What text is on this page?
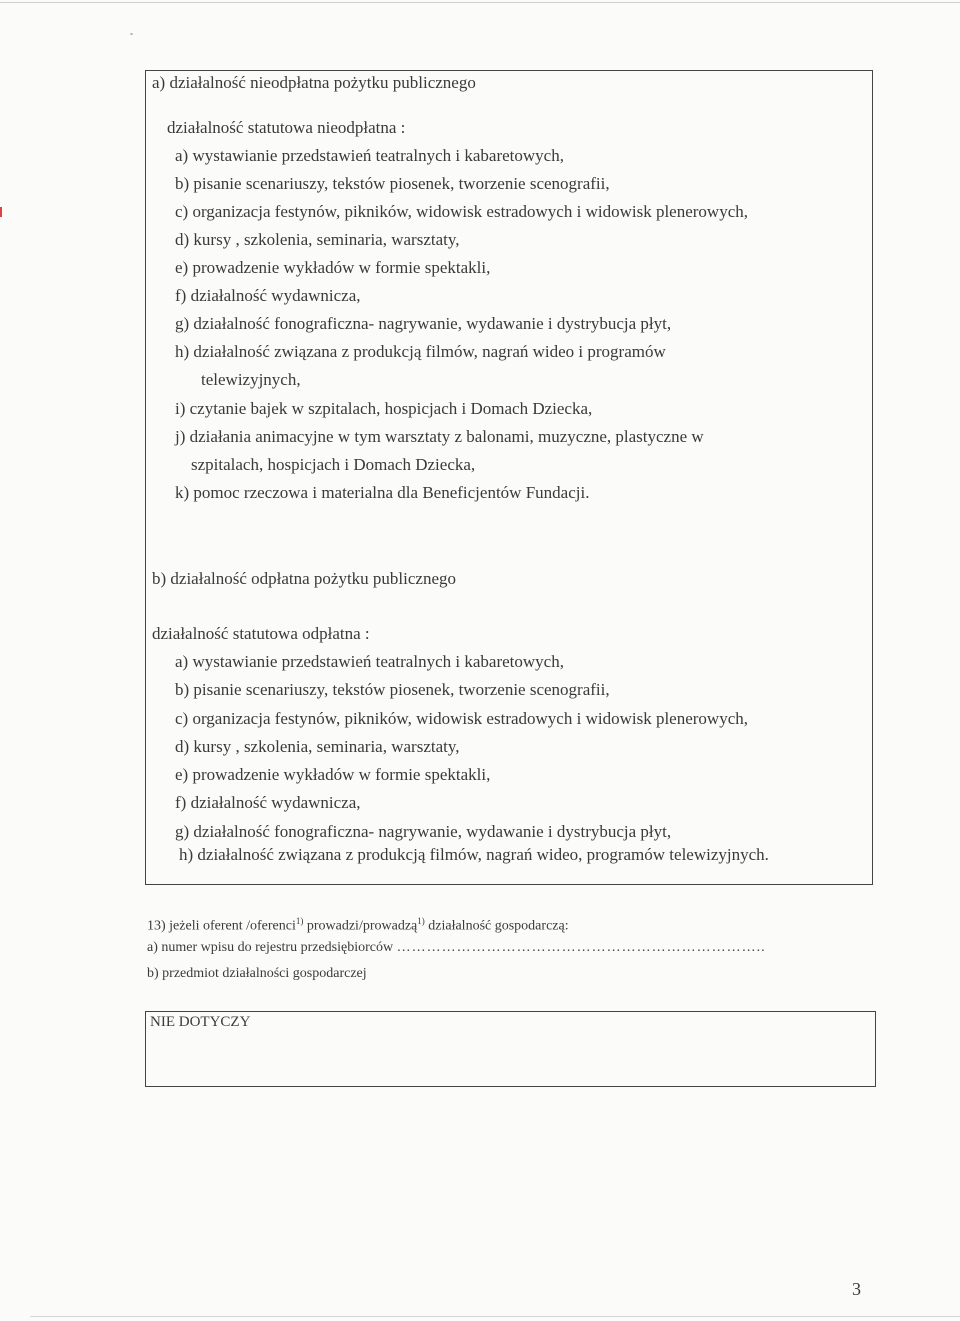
a) działalność nieodpłatna pożytku publicznego
działalność statutowa nieodpłatna :
a) wystawianie przedstawień teatralnych i kabaretowych,
b) pisanie scenariuszy, tekstów piosenek, tworzenie scenografii,
c) organizacja festynów, pikników, widowisk estradowych i widowisk plenerowych,
d) kursy , szkolenia, seminaria, warsztaty,
e) prowadzenie wykładów w formie spektakli,
f) działalność wydawnicza,
g) działalność fonograficzna- nagrywanie, wydawanie i dystrybucja płyt,
h) działalność związana z produkcją filmów, nagrań wideo i programów
telewizyjnych,
i) czytanie bajek w szpitalach, hospicjach i Domach Dziecka,
j) działania animacyjne w tym warsztaty z balonami, muzyczne, plastyczne w
szpitalach, hospicjach i Domach Dziecka,
k) pomoc rzeczowa i materialna dla Beneficjentów Fundacji.
b) działalność odpłatna pożytku publicznego
działalność statutowa odpłatna :
a) wystawianie przedstawień teatralnych i kabaretowych,
b) pisanie scenariuszy, tekstów piosenek, tworzenie scenografii,
c) organizacja festynów, pikników, widowisk estradowych i widowisk plenerowych,
d) kursy , szkolenia, seminaria, warsztaty,
e) prowadzenie wykładów w formie spektakli,
f) działalność wydawnicza,
g) działalność fonograficzna- nagrywanie, wydawanie i dystrybucja płyt,
h) działalność związana z produkcją filmów, nagrań wideo, programów telewizyjnych.
13) jeżeli oferent /oferenci$^{1)}$ prowadzi/prowadzą$^{1)}$ działalność gospodarczą:
a) numer wpisu do rejestru przedsiębiorców ………………………………………………………………..
b) przedmiot działalności gospodarczej
NIE DOTYCZY
3
